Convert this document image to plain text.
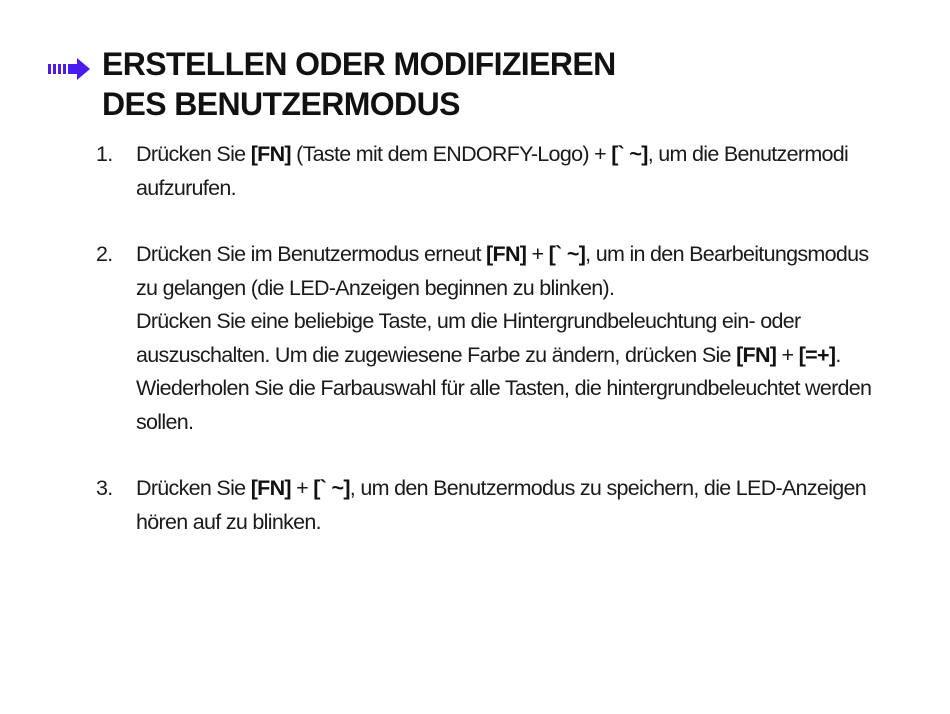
ERSTELLEN ODER MODIFIZIEREN
DES BENUTZERMODUS
1. Drücken Sie [FN] (Taste mit dem ENDORFY-Logo) + [` ~], um die Benutzermodi aufzurufen.
2. Drücken Sie im Benutzermodus erneut [FN] + [` ~], um in den Bearbeitungsmodus zu gelangen (die LED-Anzeigen beginnen zu blinken).
Drücken Sie eine beliebige Taste, um die Hintergrundbeleuchtung ein- oder auszuschalten. Um die zugewiesene Farbe zu ändern, drücken Sie [FN] + [=+]. Wiederholen Sie die Farbauswahl für alle Tasten, die hintergrundbeleuchtet werden sollen.
3. Drücken Sie [FN] + [` ~], um den Benutzermodus zu speichern, die LED-Anzeigen hören auf zu blinken.
